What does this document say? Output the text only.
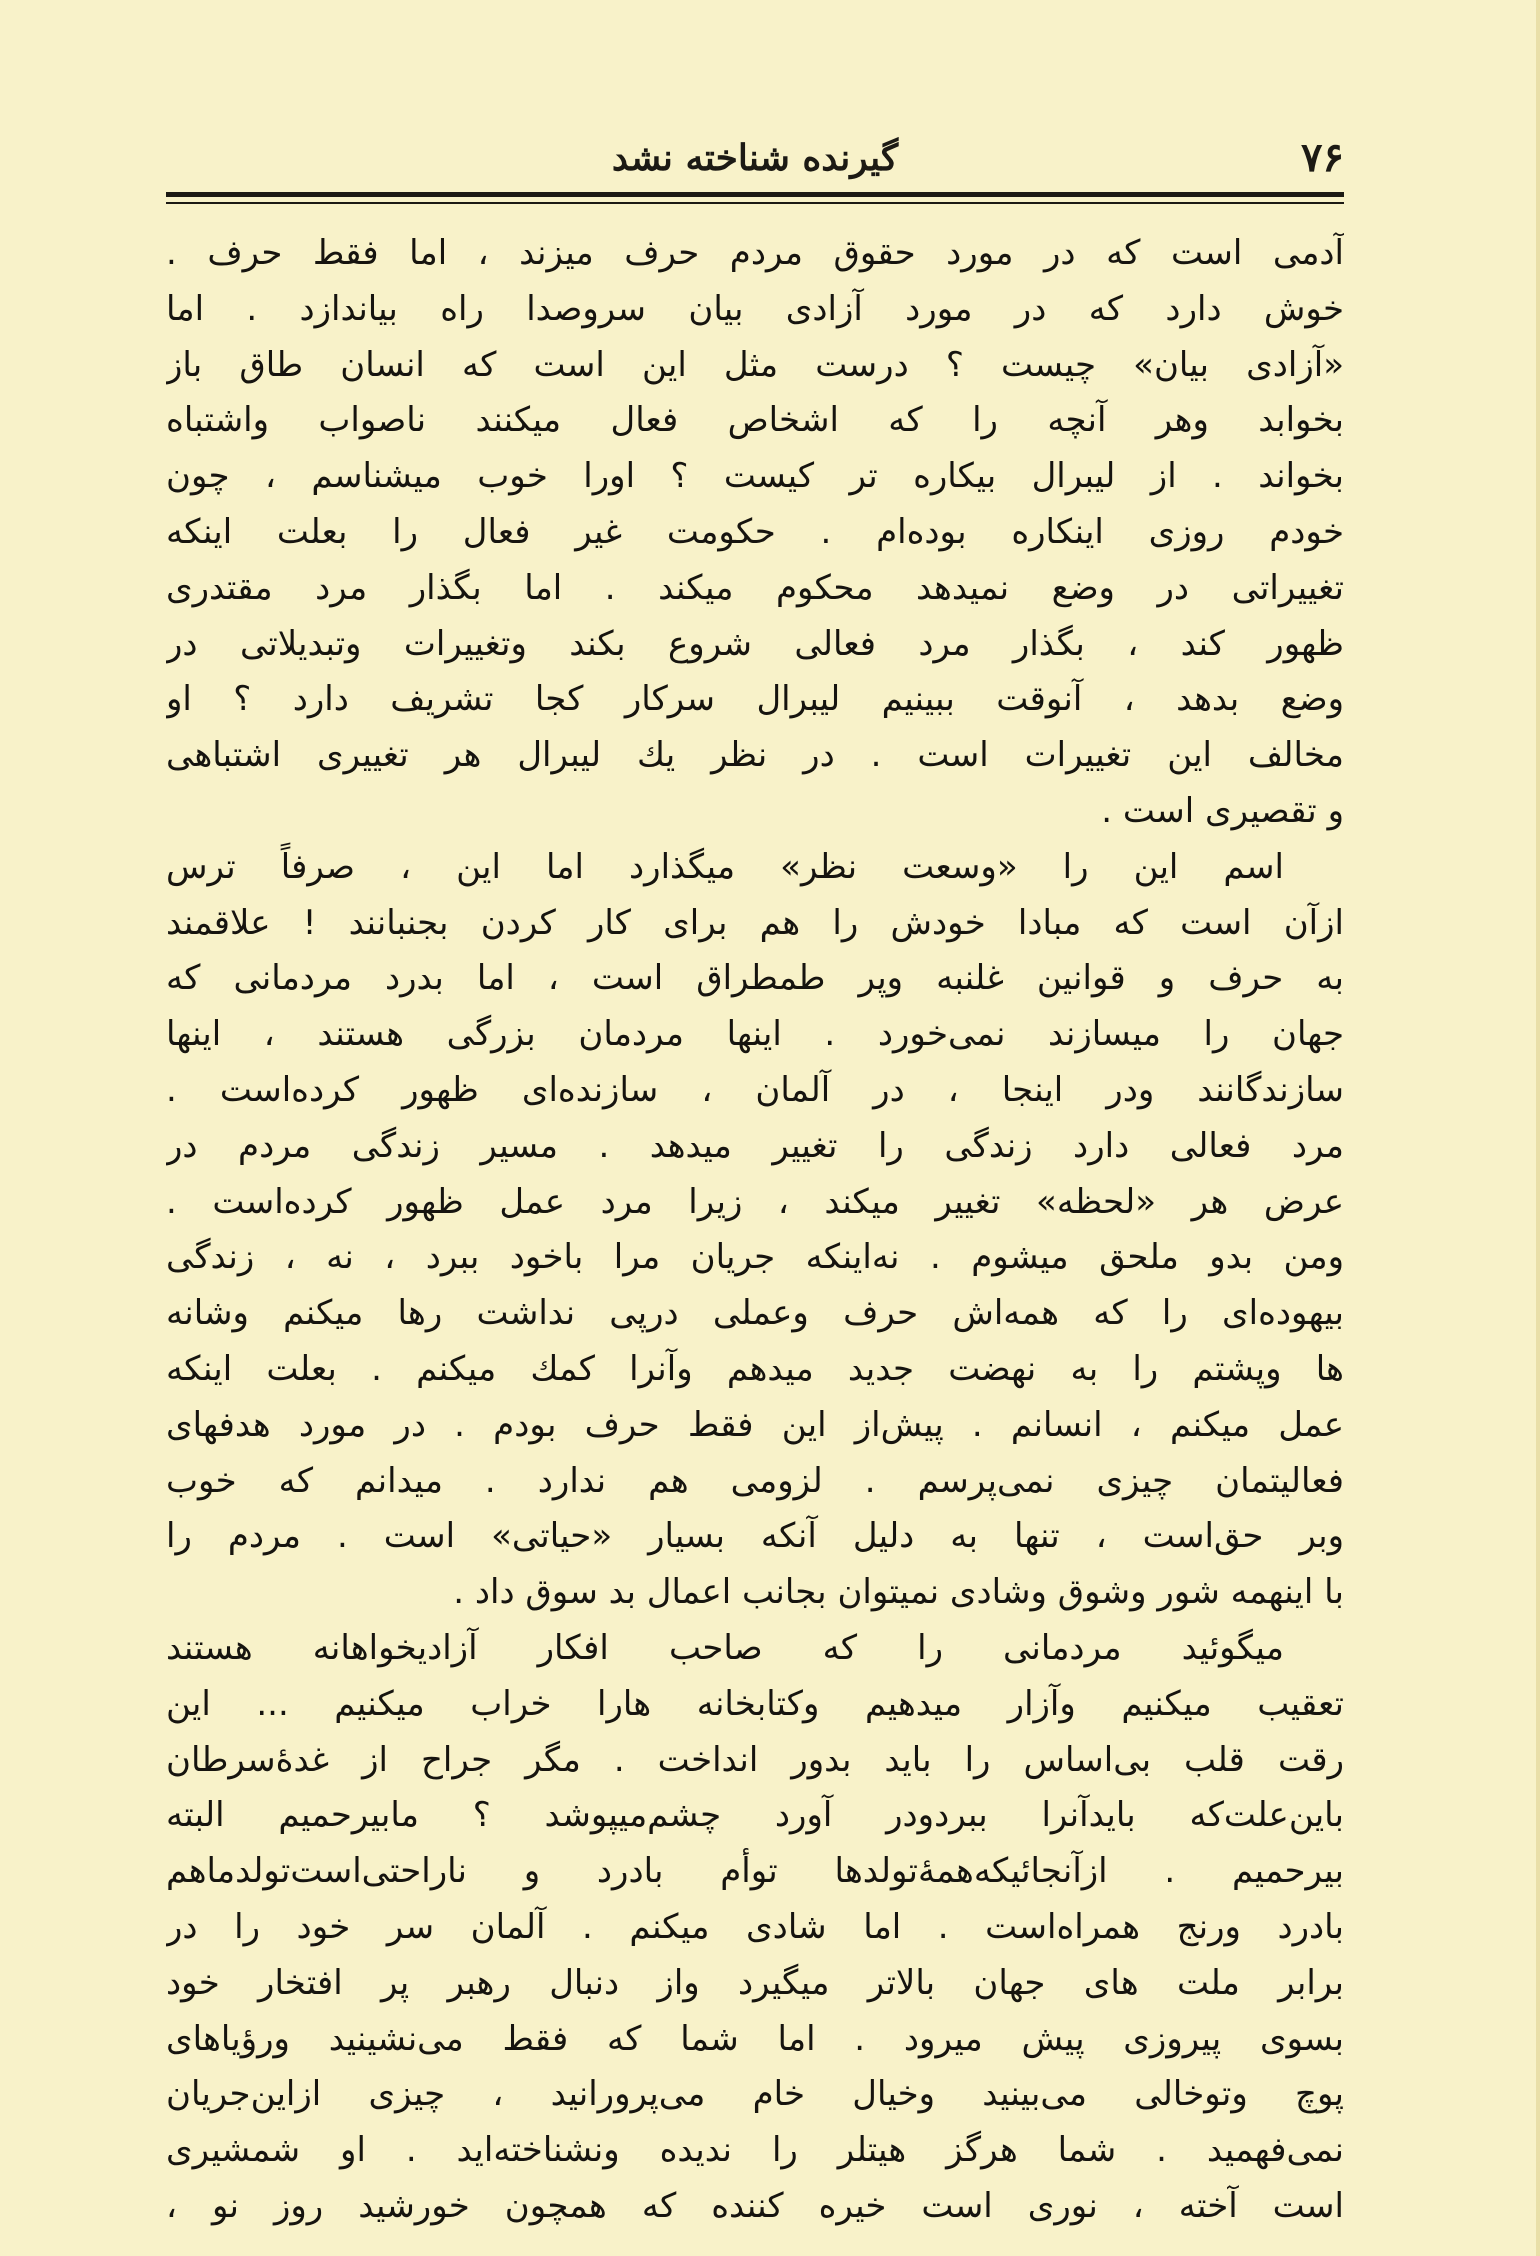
۷۶
گیرنده شناخته نشد
آدمی است که در مورد حقوق مردم حرف میزند ، اما فقط حرف .
خوش دارد که در مورد آزادی بیان سروصدا راه بیاندازد . اما
«آزادی بیان» چیست ؟ درست مثل این است که انسان طاق باز
بخوابد وهر آنچه را که اشخاص فعال میکنند ناصواب واشتباه
بخواند . از لیبرال بیکاره تر کیست ؟ اورا خوب میشناسم ، چون
خودم روزی اینکاره بوده‌ام . حکومت غیر فعال را بعلت اینکه
تغییراتی در وضع نمیدهد محکوم میکند . اما بگذار مرد مقتدری
ظهور کند ، بگذار مرد فعالی شروع بکند وتغییرات وتبدیلاتی در
وضع بدهد ، آنوقت ببینیم لیبرال سرکار کجا تشریف دارد ؟ او
مخالف این تغییرات است . در نظر یك لیبرال هر تغییری اشتباهی
و تقصیری است .
اسم این را «وسعت نظر» میگذارد اما این ، صرفاً ترس
ازآن است که مبادا خودش را هم برای کار کردن بجنبانند ! علاقمند
به حرف و قوانین غلنبه وپر طمطراق است ، اما بدرد مردمانی که
جهان را میسازند نمی‌خورد . اینها مردمان بزرگی هستند ، اینها
سازندگانند ودر اینجا ، در آلمان ، سازنده‌ای ظهور کرده‌است .
مرد فعالی دارد زندگی را تغییر میدهد . مسیر زندگی مردم در
عرض هر «لحظه» تغییر میکند ، زیرا مرد عمل ظهور کرده‌است .
ومن بدو ملحق میشوم . نه‌اینکه جریان مرا باخود ببرد ، نه ، زندگی
بیهوده‌ای را که همه‌اش حرف وعملی درپی نداشت رها میکنم وشانه
ها وپشتم را به نهضت جدید میدهم وآنرا کمك میکنم . بعلت اینکه
عمل میکنم ، انسانم . پیش‌از این فقط حرف بودم . در مورد هدفهای
فعالیتمان چیزی نمی‌پرسم . لزومی هم ندارد . میدانم که خوب
وبر حق‌است ، تنها به دلیل آنکه بسیار «حیاتی» است . مردم را
با اینهمه شور وشوق وشادی نمیتوان بجانب اعمال بد سوق داد .
میگوئید مردمانی را که صاحب افکار آزادیخواهانه هستند
تعقیب میکنیم وآزار میدهیم وکتابخانه هارا خراب میکنیم ... این
رقت قلب بی‌اساس را باید بدور انداخت . مگر جراح از غدهٔ‌سرطان
باین‌علت‌که بایدآنرا ببردودر آورد چشم‌میپوشد ؟ مابیرحمیم البته
بیرحمیم . ازآنجائیکه‌همهٔ‌تولدها توأم بادرد و ناراحتی‌است‌تولدماهم
بادرد ورنج همراه‌است . اما شادی میکنم . آلمان سر خود را در
برابر ملت های جهان بالاتر میگیرد واز دنبال رهبر پر افتخار خود
بسوی پیروزی پیش میرود . اما شما که فقط می‌نشینید ورؤیاهای
پوچ وتوخالی می‌بینید وخیال خام می‌پرورانید ، چیزی ازاین‌جریان
نمی‌فهمید . شما هرگز هیتلر را ندیده ونشناخته‌اید . او شمشیری
است آخته ، نوری است خیره کننده که همچون خورشید روز نو ،
